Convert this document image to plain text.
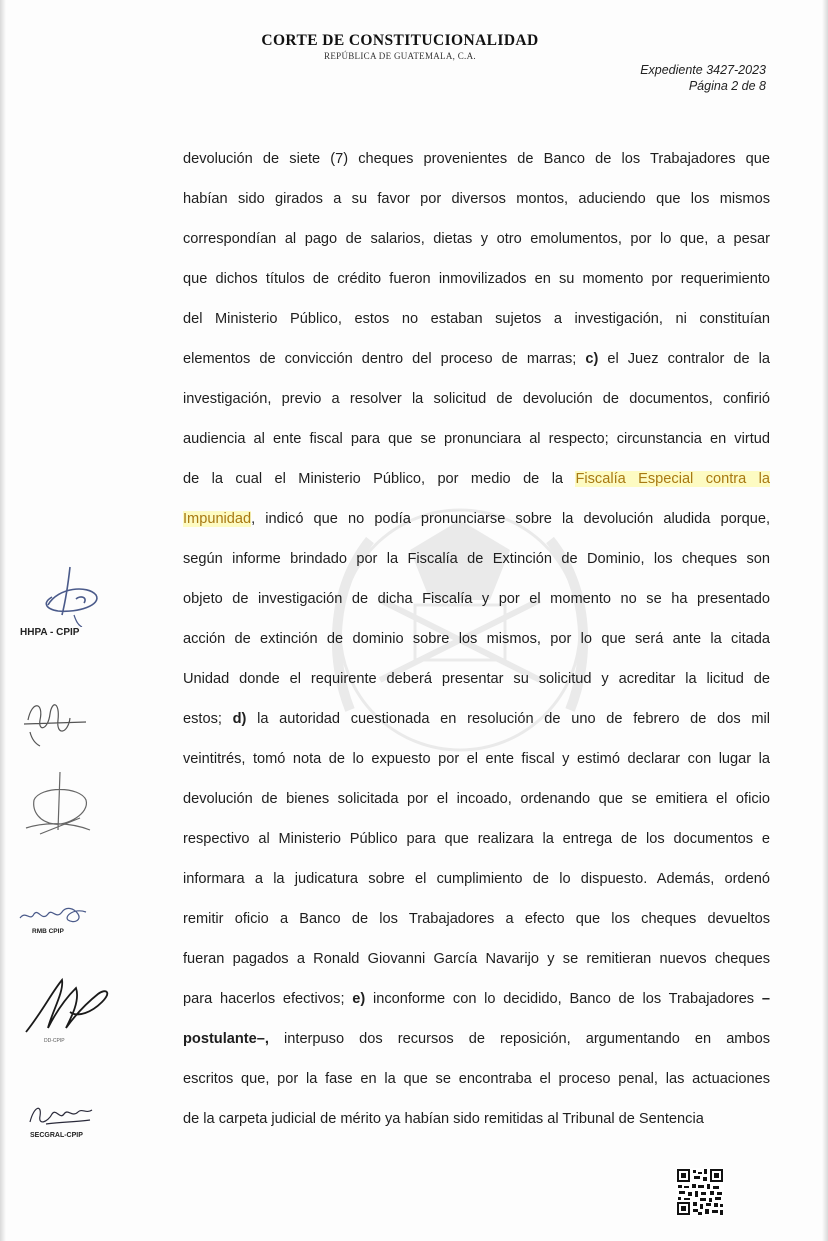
CORTE DE CONSTITUCIONALIDAD
REPÚBLICA DE GUATEMALA, C.A.
Expediente 3427-2023
Página 2 de 8
devolución de siete (7) cheques provenientes de Banco de los Trabajadores que
habían sido girados a su favor por diversos montos, aduciendo que los mismos
correspondían al pago de salarios, dietas y otro emolumentos, por lo que, a pesar
que dichos títulos de crédito fueron inmovilizados en su momento por requerimiento
del Ministerio Público, estos no estaban sujetos a investigación, ni constituían
elementos de convicción dentro del proceso de marras; c) el Juez contralor de la
investigación, previo a resolver la solicitud de devolución de documentos, confirió
audiencia al ente fiscal para que se pronunciara al respecto; circunstancia en virtud
de la cual el Ministerio Público, por medio de la Fiscalía Especial contra la
Impunidad, indicó que no podía pronunciarse sobre la devolución aludida porque,
según informe brindado por la Fiscalía de Extinción de Dominio, los cheques son
objeto de investigación de dicha Fiscalía y por el momento no se ha presentado
acción de extinción de dominio sobre los mismos, por lo que será ante la citada
Unidad donde el requirente deberá presentar su solicitud y acreditar la licitud de
estos; d) la autoridad cuestionada en resolución de uno de febrero de dos mil
veintitrés, tomó nota de lo expuesto por el ente fiscal y estimó declarar con lugar la
devolución de bienes solicitada por el incoado, ordenando que se emitiera el oficio
respectivo al Ministerio Público para que realizara la entrega de los documentos e
informara a la judicatura sobre el cumplimiento de lo dispuesto. Además, ordenó
remitir oficio a Banco de los Trabajadores a efecto que los cheques devueltos
fueran pagados a Ronald Giovanni García Navarijo y se remitieran nuevos cheques
para hacerlos efectivos; e) inconforme con lo decidido, Banco de los Trabajadores –
postulante–, interpuso dos recursos de reposición, argumentando en ambos
escritos que, por la fase en la que se encontraba el proceso penal, las actuaciones
de la carpeta judicial de mérito ya habían sido remitidas al Tribunal de Sentencia
HHPA - CPIP
RMB CPIP
DD-CPIP
SECGRAL-CPIP
